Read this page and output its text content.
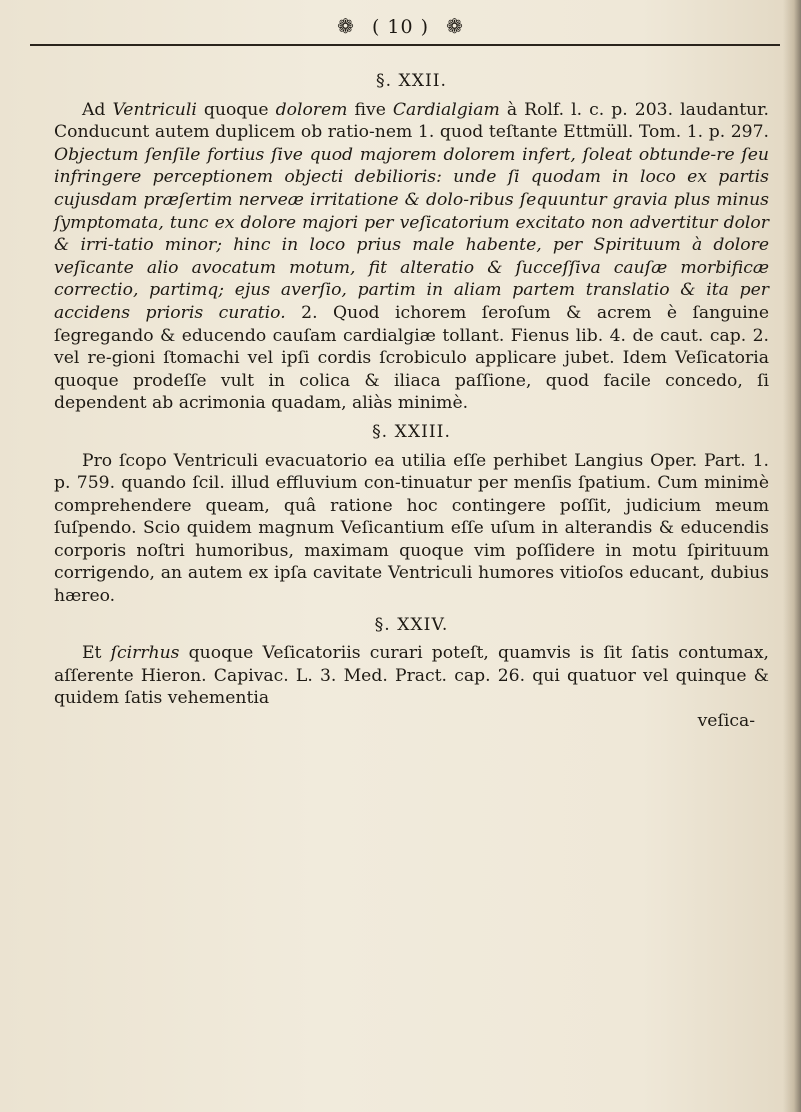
❁ ( 10 ) ❁
§. XXII.

Ad Ventriculi quoque dolorem five Cardialgiam à Rolf. l. c. p. 203. laudantur. Conducunt autem duplicem ob ratio-nem 1. quod teſtante Ettmüll. Tom. 1. p. 297. Objectum ſenſile fortius ſive quod majorem dolorem infert, ſoleat obtunde-re ſeu infringere perceptionem objecti debilioris: unde ſi quodam in loco ex partis cujusdam præſertim nerveæ irritatione & dolo-ribus ſequuntur gravia plus minus ſymptomata, tunc ex dolore majori per veſicatorium excitato non advertitur dolor & irri-tatio minor; hinc in loco prius male habente, per Spirituum à dolore veſicante alio avocatum motum, fit alteratio & ſucceſſiva cauſæ morbificæ correctio, partimq; ejus averſio, partim in aliam partem translatio & ita per accidens prioris curatio. 2. Quod ichorem ſeroſum & acrem è ſanguine ſegregando & educendo cauſam cardialgiæ tollant. Fienus lib. 4. de caut. cap. 2. vel re-gioni ſtomachi vel ipſi cordis ſcrobiculo applicare jubet. Idem Veſicatoria quoque prodeſſe vult in colica & iliaca paſſione, quod facile concedo, ſi dependent ab acrimonia quadam, aliàs minimè.

§. XXIII.

Pro ſcopo Ventriculi evacuatorio ea utilia eſſe perhibet Langius Oper. Part. 1. p. 759. quando ſcil. illud effluvium con-tinuatur per menſis ſpatium. Cum minimè comprehendere queam, quâ ratione hoc contingere poſſit, judicium meum ſuſpendo. Scio quidem magnum Veſicantium eſſe uſum in alterandis & educendis corporis noſtri humoribus, maximam quoque vim poſſidere in motu ſpirituum corrigendo, an autem ex ipſa cavitate Ventriculi humores vitioſos educant, dubius hæreo.

§. XXIV.

Et ſcirrhus quoque Veſicatoriis curari poteſt, quamvis is ſit ſatis contumax, aſſerente Hieron. Capivac. L. 3. Med. Pract. cap. 26. qui quatuor vel quinque & quidem ſatis vehementia

veſica-
